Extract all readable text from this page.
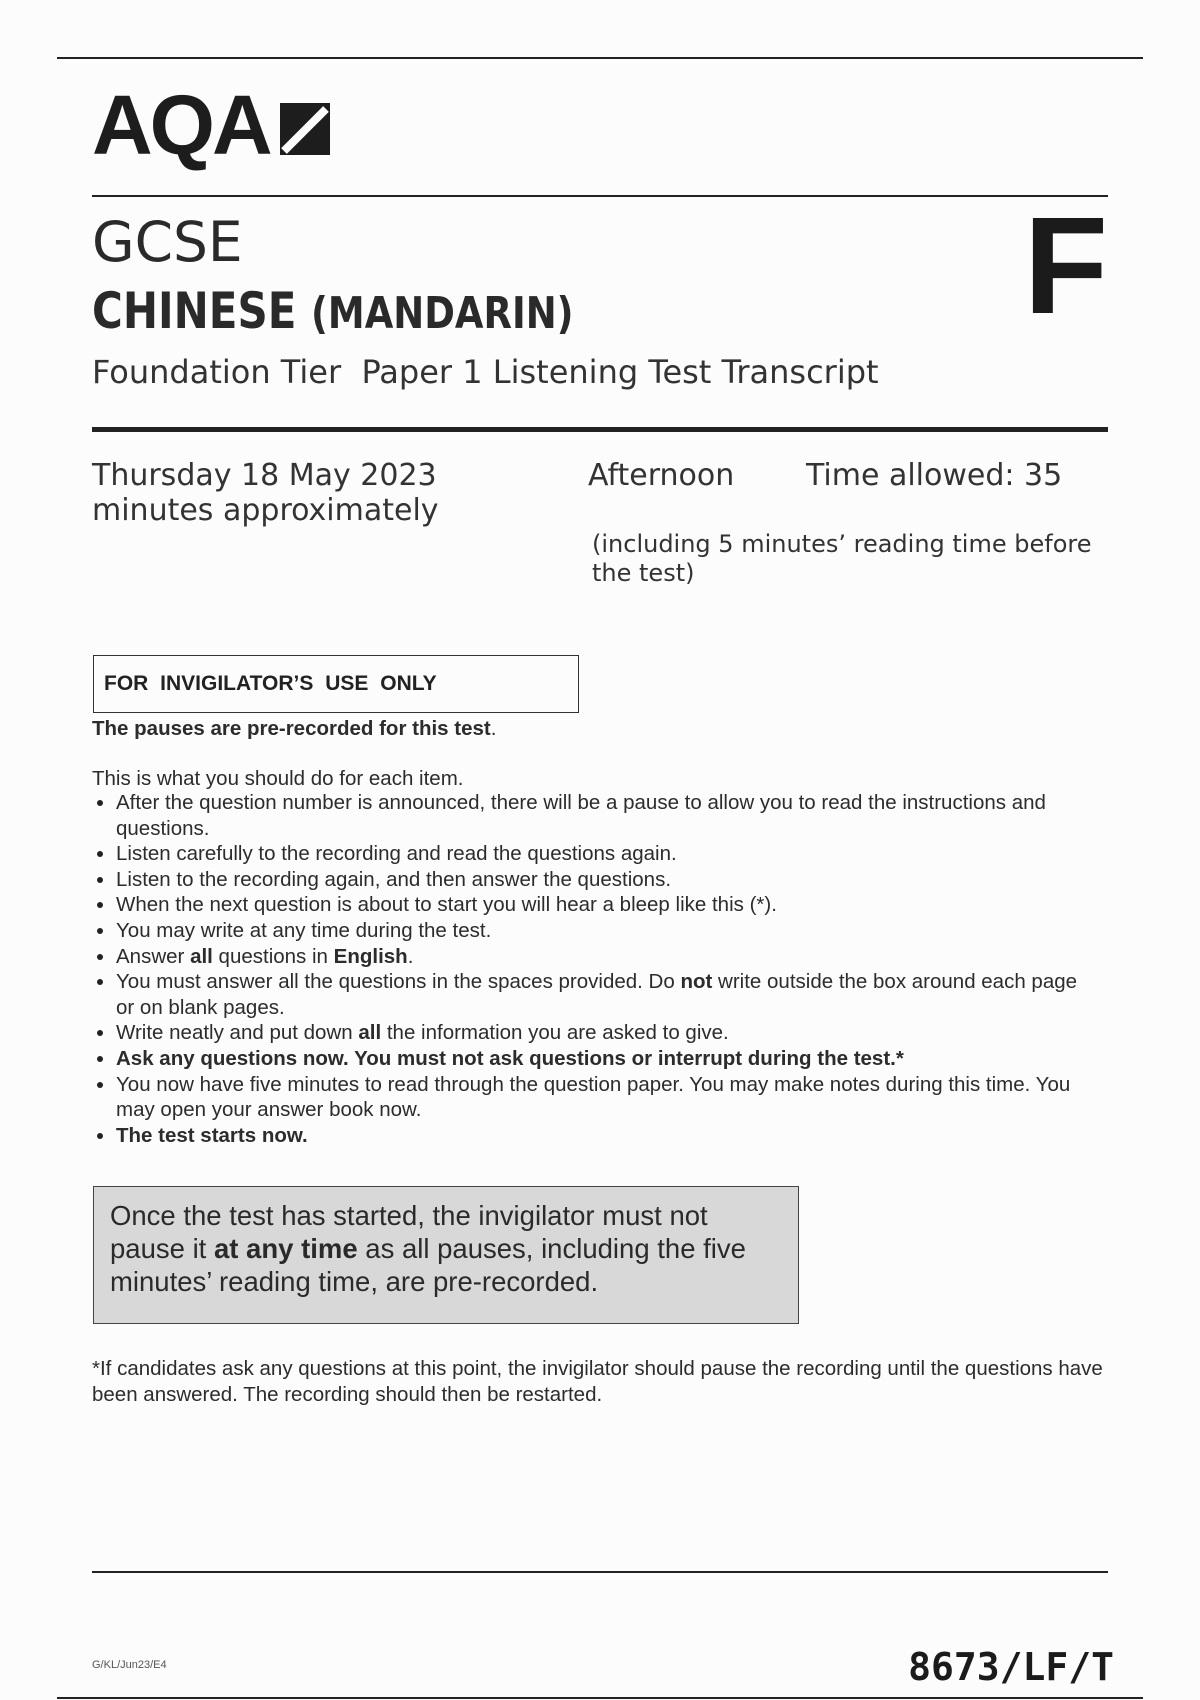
AQA
GCSE
CHINESE (MANDARIN)
Foundation Tier Paper 1 Listening Test Transcript
F
Thursday 18 May 2023
minutes approximately
Afternoon Time allowed: 35
(including 5 minutes’ reading time before the test)
FOR INVIGILATOR’S USE ONLY
The pauses are pre-recorded for this test.
This is what you should do for each item.
After the question number is announced, there will be a pause to allow you to read the instructions and questions.
Listen carefully to the recording and read the questions again.
Listen to the recording again, and then answer the questions.
When the next question is about to start you will hear a bleep like this (*).
You may write at any time during the test.
Answer all questions in English.
You must answer all the questions in the spaces provided. Do not write outside the box around each page or on blank pages.
Write neatly and put down all the information you are asked to give.
Ask any questions now. You must not ask questions or interrupt during the test.*
You now have five minutes to read through the question paper. You may make notes during this time. You may open your answer book now.
The test starts now.
Once the test has started, the invigilator must not pause it at any time as all pauses, including the five minutes’ reading time, are pre-recorded.
*If candidates ask any questions at this point, the invigilator should pause the recording until the questions have been answered. The recording should then be restarted.
G/KL/Jun23/E4	8673/LF/T
